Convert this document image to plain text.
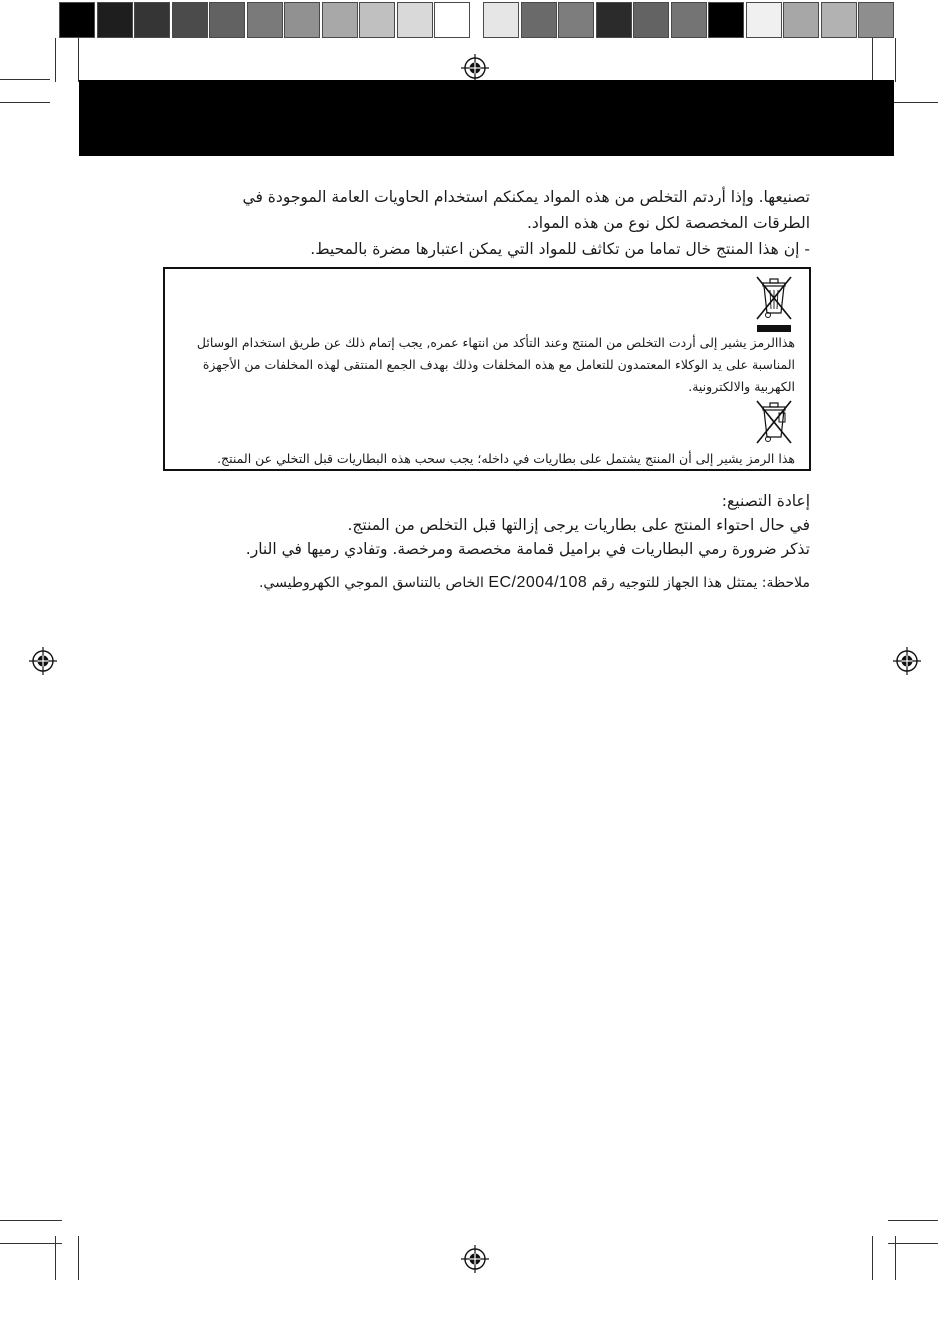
تصنيعها. وإذا أردتم التخلص من هذه المواد يمكنكم استخدام الحاويات العامة الموجودة في
الطرقات المخصصة لكل نوع من هذه المواد.
- إن هذا المنتج خال تماما من تكاثف للمواد التي يمكن اعتبارها مضرة بالمحيط.
هذاالرمز يشير إلى أردت التخلص من المنتج وعند التأكد من انتهاء عمره, يجب إتمام ذلك عن طريق استخدام الوسائل
المناسبة على يد الوكلاء المعتمدون للتعامل مع هذه المخلفات وذلك بهدف الجمع المنتقى لهذه المخلفات من الأجهزة
الكهربية والالكترونية.
هذا الرمز يشير إلى أن المنتج يشتمل على بطاريات في داخله؛ يجب سحب هذه البطاريات قبل التخلي عن المنتج.
إعادة التصنيع:
في حال احتواء المنتج على بطاريات يرجى إزالتها قبل التخلص من المنتج.
تذكر ضرورة رمي البطاريات في براميل قمامة مخصصة ومرخصة. وتفادي رميها في النار.
ملاحظة: يمتثل هذا الجهاز للتوجيه رقم EC/2004/108 الخاص بالتناسق الموجي الكهروطيسي.
